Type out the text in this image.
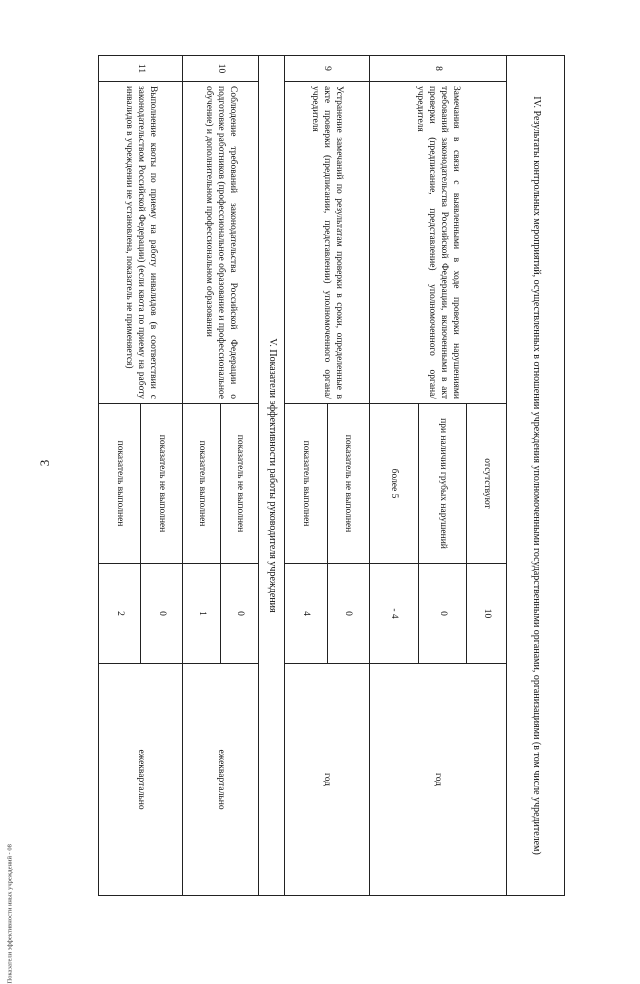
3
Показатели эффективности иных учреждений - 08
IV. Результаты контрольных мероприятий, осуществленных в отношении учреждения уполномоченными государственными органами, организациями (в том числе учредителем)				
8	Замечания в связи с выявленными в ходе проверки нарушениями требований законодательства Российской Федерации, включенными в акт проверки (предписание, представление) уполномоченного органа/учредителя	отсутствуют	10	год
		при наличии грубых нарушений	0	
		более 5	- 4	
9	Устранение замечаний по результатам проверки в сроки, определенные в акте проверки (предписании, представлении) уполномоченного органа/учредителя	показатель не выполнен	0	год
		показатель выполнен	4	
V. Показатели эффективности работы руководителя учреждения				
10	Соблюдение требований законодательства Российской Федерации о подготовке работников (профессиональное образование и профессиональное обучение) и дополнительном профессиональном образовании	показатель не выполнен	0	ежеквартально
		показатель выполнен	1	
11	Выполнение квоты по приему на работу инвалидов (в соответствии с законодательством Российской Федерации) (если квота по приему на работу инвалидов в учреждении не установлена, показатель не применяется)	показатель не выполнен	0	ежеквартально
		показатель выполнен	2	
